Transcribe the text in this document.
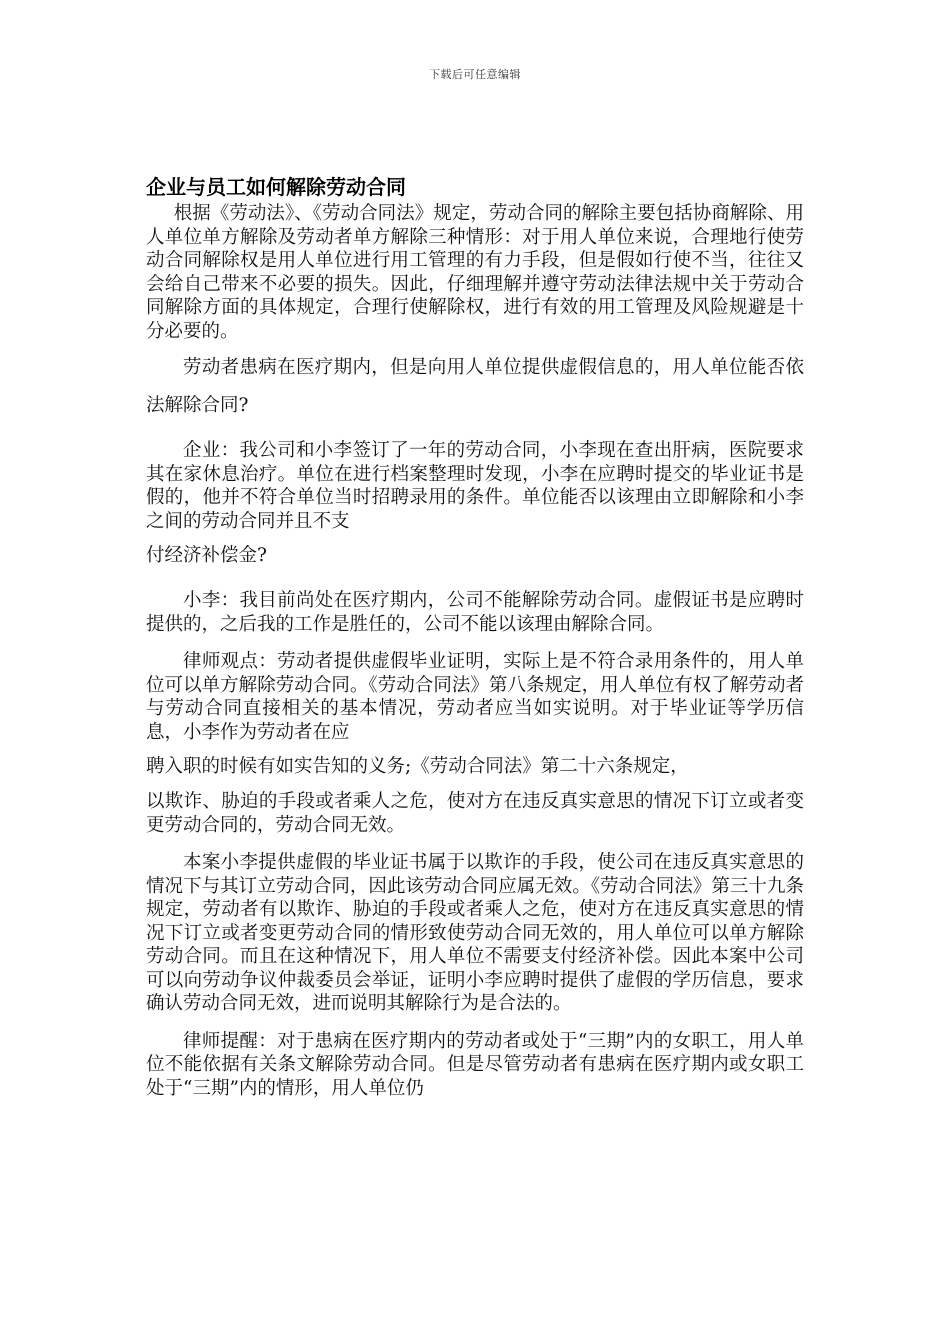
下载后可任意编辑
企业与员工如何解除劳动合同

根据《劳动法》、《劳动合同法》规定，劳动合同的解除主要包括协商解除、用人单位单方解除及劳动者单方解除三种情形：对于用人单位来说，合理地行使劳动合同解除权是用人单位进行用工管理的有力手段，但是假如行使不当，往往又会给自己带来不必要的损失。因此，仔细理解并遵守劳动法律法规中关于劳动合同解除方面的具体规定，合理行使解除权，进行有效的用工管理及风险规避是十分必要的。

劳动者患病在医疗期内，但是向用人单位提供虚假信息的，用人单位能否依法解除合同?

企业：我公司和小李签订了一年的劳动合同，小李现在查出肝病，医院要求其在家休息治疗。单位在进行档案整理时发现，小李在应聘时提交的毕业证书是假的，他并不符合单位当时招聘录用的条件。单位能否以该理由立即解除和小李之间的劳动合同并且不支

付经济补偿金?

小李：我目前尚处在医疗期内，公司不能解除劳动合同。虚假证书是应聘时提供的，之后我的工作是胜任的，公司不能以该理由解除合同。

律师观点：劳动者提供虚假毕业证明，实际上是不符合录用条件的，用人单位可以单方解除劳动合同。《劳动合同法》第八条规定，用人单位有权了解劳动者与劳动合同直接相关的基本情况，劳动者应当如实说明。对于毕业证等学历信息，小李作为劳动者在应

聘入职的时候有如实告知的义务;《劳动合同法》第二十六条规定，

以欺诈、胁迫的手段或者乘人之危，使对方在违反真实意思的情况下订立或者变更劳动合同的，劳动合同无效。

本案小李提供虚假的毕业证书属于以欺诈的手段，使公司在违反真实意思的情况下与其订立劳动合同，因此该劳动合同应属无效。《劳动合同法》第三十九条规定，劳动者有以欺诈、胁迫的手段或者乘人之危，使对方在违反真实意思的情况下订立或者变更劳动合同的情形致使劳动合同无效的，用人单位可以单方解除劳动合同。而且在这种情况下，用人单位不需要支付经济补偿。因此本案中公司可以向劳动争议仲裁委员会举证，证明小李应聘时提供了虚假的学历信息，要求确认劳动合同无效，进而说明其解除行为是合法的。

律师提醒：对于患病在医疗期内的劳动者或处于“三期”内的女职工，用人单位不能依据有关条文解除劳动合同。但是尽管劳动者有患病在医疗期内或女职工处于“三期”内的情形，用人单位仍
